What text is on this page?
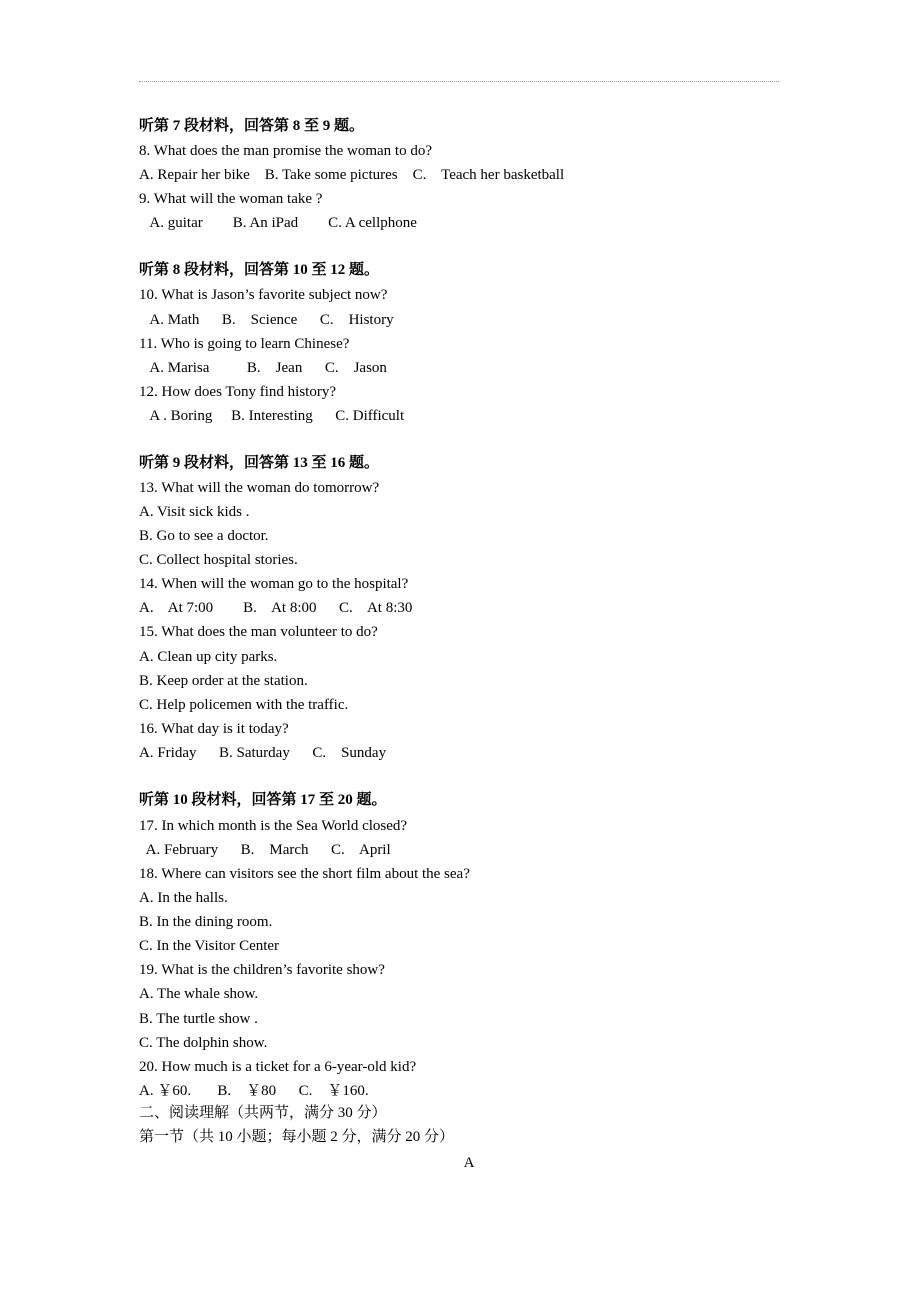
听第 7 段材料，回答第 8 至 9 题。
8. What does the man promise the woman to do?
A. Repair her bike    B. Take some pictures    C.    Teach her basketball
9. What will the woman take ?
A. guitar        B. An iPad        C. A cellphone
听第 8 段材料，回答第 10 至 12 题。
10. What is Jason’s favorite subject now?
A. Math      B.    Science      C.    History
11. Who is going to learn Chinese?
A. Marisa          B.    Jean      C.    Jason
12. How does Tony find history?
A . Boring     B. Interesting      C. Difficult
听第 9 段材料，回答第 13 至 16 题。
13. What will the woman do tomorrow?
A. Visit sick kids .
B. Go to see a doctor.
C. Collect hospital stories.
14. When will the woman go to the hospital?
A.    At 7:00        B.    At 8:00      C.    At 8:30
15. What does the man volunteer to do?
A. Clean up city parks.
B. Keep order at the station.
C. Help policemen with the traffic.
16. What day is it today?
A. Friday      B. Saturday      C.    Sunday
听第 10 段材料，回答第 17 至 20 题。
17. In which month is the Sea World closed?
A. February      B.    March      C.    April
18. Where can visitors see the short film about the sea?
A. In the halls.
B. In the dining room.
C. In the Visitor Center
19. What is the children’s favorite show?
A. The whale show.
B. The turtle show .
C. The dolphin show.
20. How much is a ticket for a 6-year-old kid?
A. ￥60.       B.    ￥80      C.    ￥160.
二、阅读理解（共两节，满分 30 分）
第一节（共 10 小题；每小题 2 分，满分 20 分）
A
